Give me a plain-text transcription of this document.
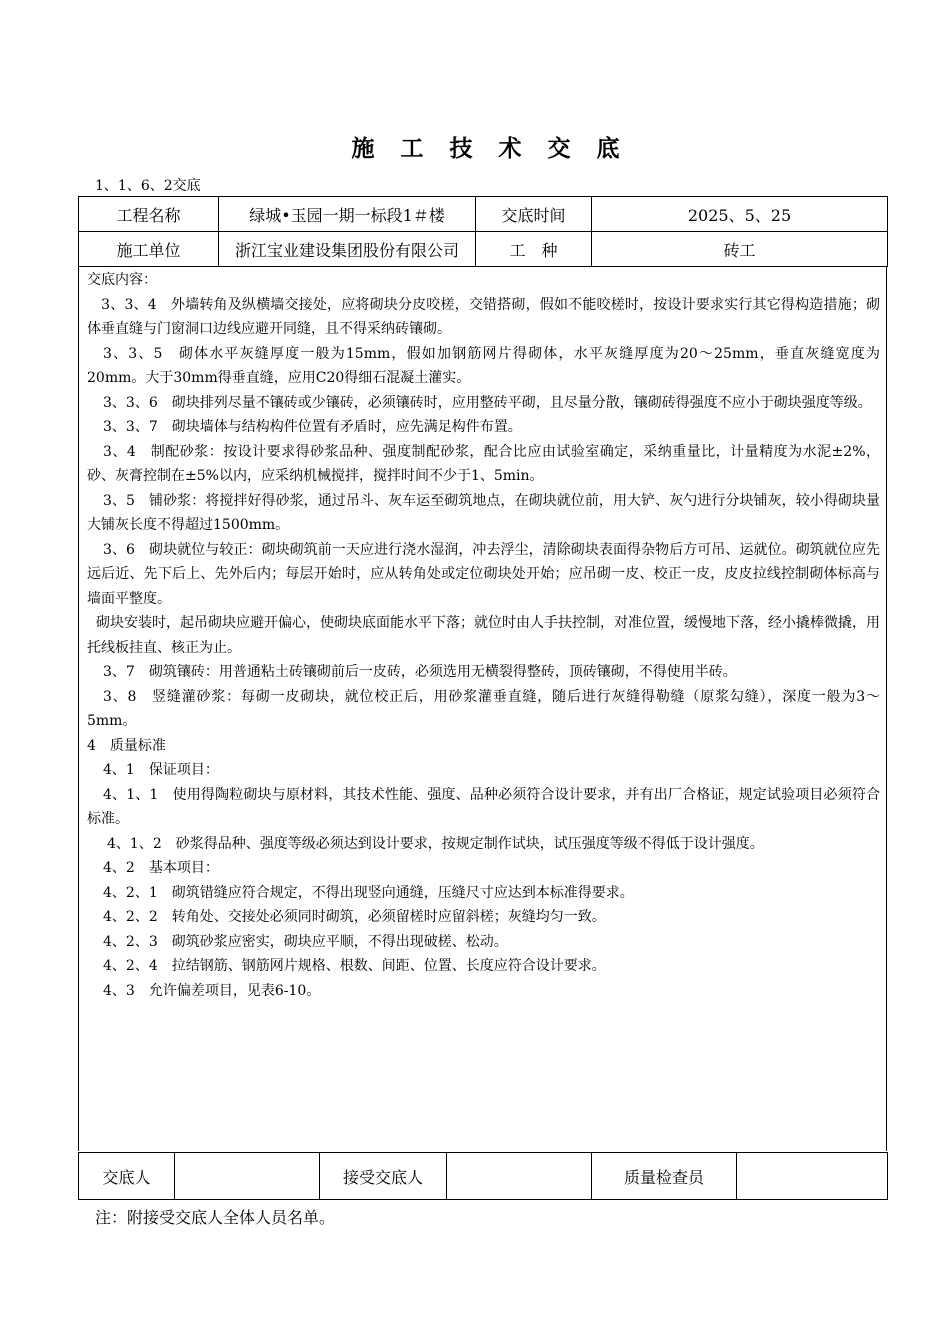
施 工 技 术 交 底
1、1、6、2交底
工程名称	绿城•玉园一期一标段1＃楼	交底时间	2025、5、25
施工单位	浙江宝业建设集团股份有限公司	工　种	砖工

交底内容：

　3、3、4　外墙转角及纵横墙交接处，应将砌块分皮咬槎，交错搭砌，假如不能咬槎时，按设计要求实行其它得构造措施；砌体垂直缝与门窗洞口边线应避开同缝，且不得采纳砖镶砌。

3、3、5　砌体水平灰缝厚度一般为15mm，假如加钢筋网片得砌体，水平灰缝厚度为20～25mm，垂直灰缝宽度为20mm。大于30mm得垂直缝，应用C20得细石混凝土灌实。

3、3、6　砌块排列尽量不镶砖或少镶砖，必须镶砖时，应用整砖平砌，且尽量分散，镶砌砖得强度不应小于砌块强度等级。

3、3、7　砌块墙体与结构构件位置有矛盾时，应先满足构件布置。

3、4　制配砂浆：按设计要求得砂浆品种、强度制配砂浆，配合比应由试验室确定，采纳重量比，计量精度为水泥±2%，砂、灰膏控制在±5%以内，应采纳机械搅拌，搅拌时间不少于1、5min。

3、5　铺砂浆：将搅拌好得砂浆，通过吊斗、灰车运至砌筑地点，在砌块就位前，用大铲、灰勺进行分块铺灰，较小得砌块量大铺灰长度不得超过1500mm。

3、6　砌块就位与较正：砌块砌筑前一天应进行浇水湿润，冲去浮尘，清除砌块表面得杂物后方可吊、运就位。砌筑就位应先远后近、先下后上、先外后内；每层开始时，应从转角处或定位砌块处开始；应吊砌一皮、校正一皮，皮皮拉线控制砌体标高与墙面平整度。

砌块安装时，起吊砌块应避开偏心，使砌块底面能水平下落；就位时由人手扶控制，对准位置，缓慢地下落，经小撬棒微撬，用托线板挂直、核正为止。

3、7　砌筑镶砖：用普通粘土砖镶砌前后一皮砖，必须选用无横裂得整砖，顶砖镶砌，不得使用半砖。

3、8　竖缝灌砂浆：每砌一皮砌块，就位校正后，用砂浆灌垂直缝，随后进行灰缝得勒缝（原浆勾缝），深度一般为3～5mm。

4　质量标准

4、1　保证项目：

4、1、1　使用得陶粒砌块与原材料，其技术性能、强度、品种必须符合设计要求，并有出厂合格证，规定试验项目必须符合标准。

4、1、2　砂浆得品种、强度等级必须达到设计要求，按规定制作试块，试压强度等级不得低于设计强度。

4、2　基本项目：

4、2、1　砌筑错缝应符合规定，不得出现竖向通缝，压缝尺寸应达到本标准得要求。

4、2、2　转角处、交接处必须同时砌筑，必须留槎时应留斜槎；灰缝均匀一致。

4、2、3　砌筑砂浆应密实，砌块应平顺，不得出现破槎、松动。

4、2、4　拉结钢筋、钢筋网片规格、根数、间距、位置、长度应符合设计要求。

4、3　允许偏差项目，见表6-10。

交底人		接受交底人		质量检查员	
注：附接受交底人全体人员名单。
